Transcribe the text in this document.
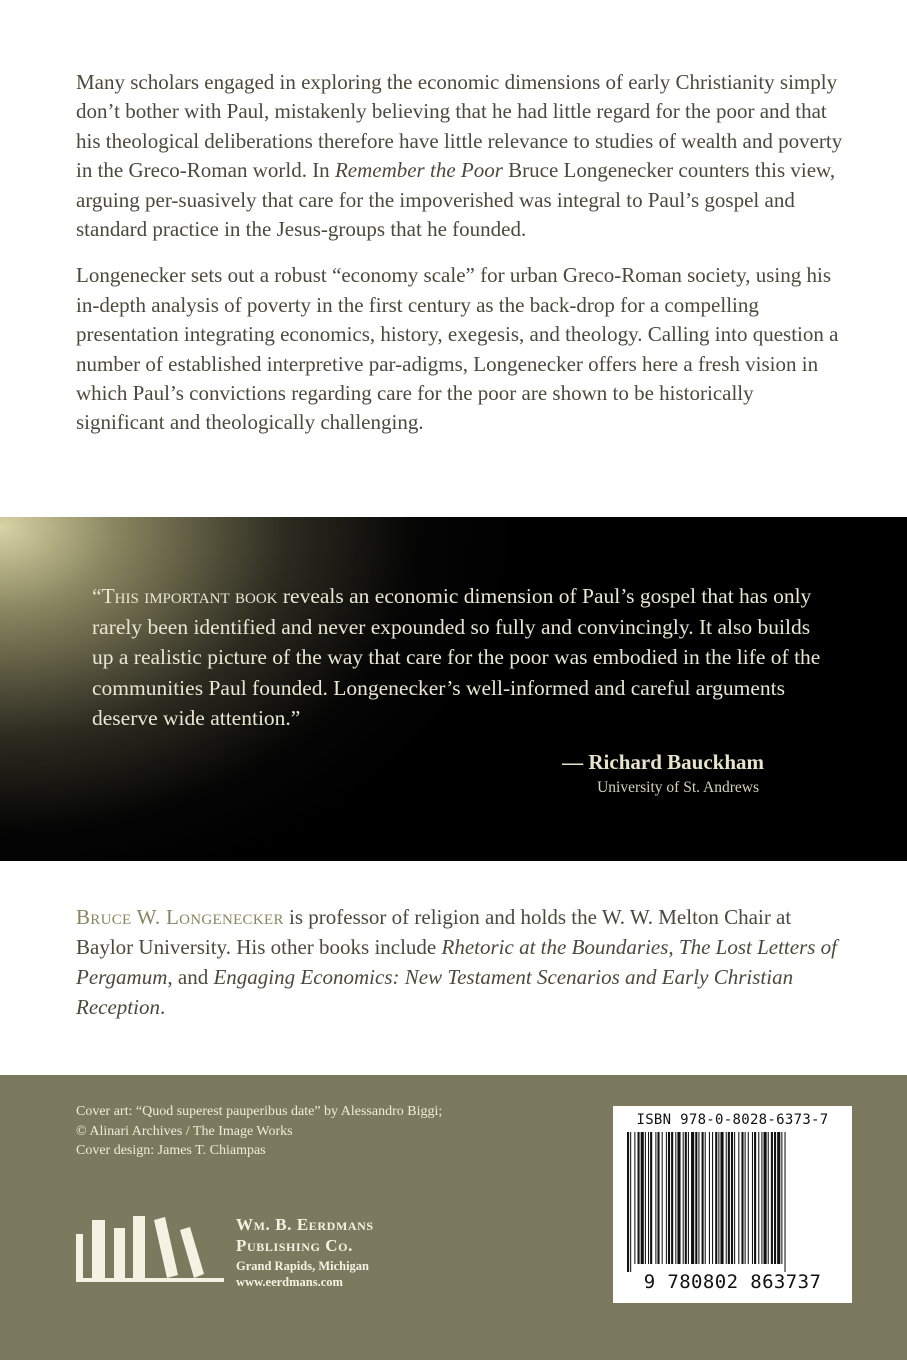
Many scholars engaged in exploring the economic dimensions of early Christianity simply don’t bother with Paul, mistakenly believing that he had little regard for the poor and that his theological deliberations therefore have little relevance to studies of wealth and poverty in the Greco-Roman world. In Remember the Poor Bruce Longenecker counters this view, arguing per-suasively that care for the impoverished was integral to Paul’s gospel and standard practice in the Jesus-groups that he founded.

Longenecker sets out a robust “economy scale” for urban Greco-Roman society, using his in-depth analysis of poverty in the first century as the back-drop for a compelling presentation integrating economics, history, exegesis, and theology. Calling into question a number of established interpretive par-adigms, Longenecker offers here a fresh vision in which Paul’s convictions regarding care for the poor are shown to be historically significant and theologically challenging.

“This important book reveals an economic dimension of Paul’s gospel that has only rarely been identified and never expounded so fully and convincingly. It also builds up a realistic picture of the way that care for the poor was embodied in the life of the communities Paul founded. Longenecker’s well-informed and careful arguments deserve wide attention.”
— Richard Bauckham
University of St. Andrews
Bruce W. Longenecker is professor of religion and holds the W. W. Melton Chair at Baylor University. His other books include Rhetoric at the Boundaries, The Lost Letters of Pergamum, and Engaging Economics: New Testament Scenarios and Early Christian Reception.
Cover art: “Quod superest pauperibus date” by Alessandro Biggi;
© Alinari Archives / The Image Works
Cover design: James T. Chiampas
Wm. B. Eerdmans
Publishing Co.
Grand Rapids, Michigan
www.eerdmans.com
ISBN 978-0-8028-6373-7
9 780802 863737
